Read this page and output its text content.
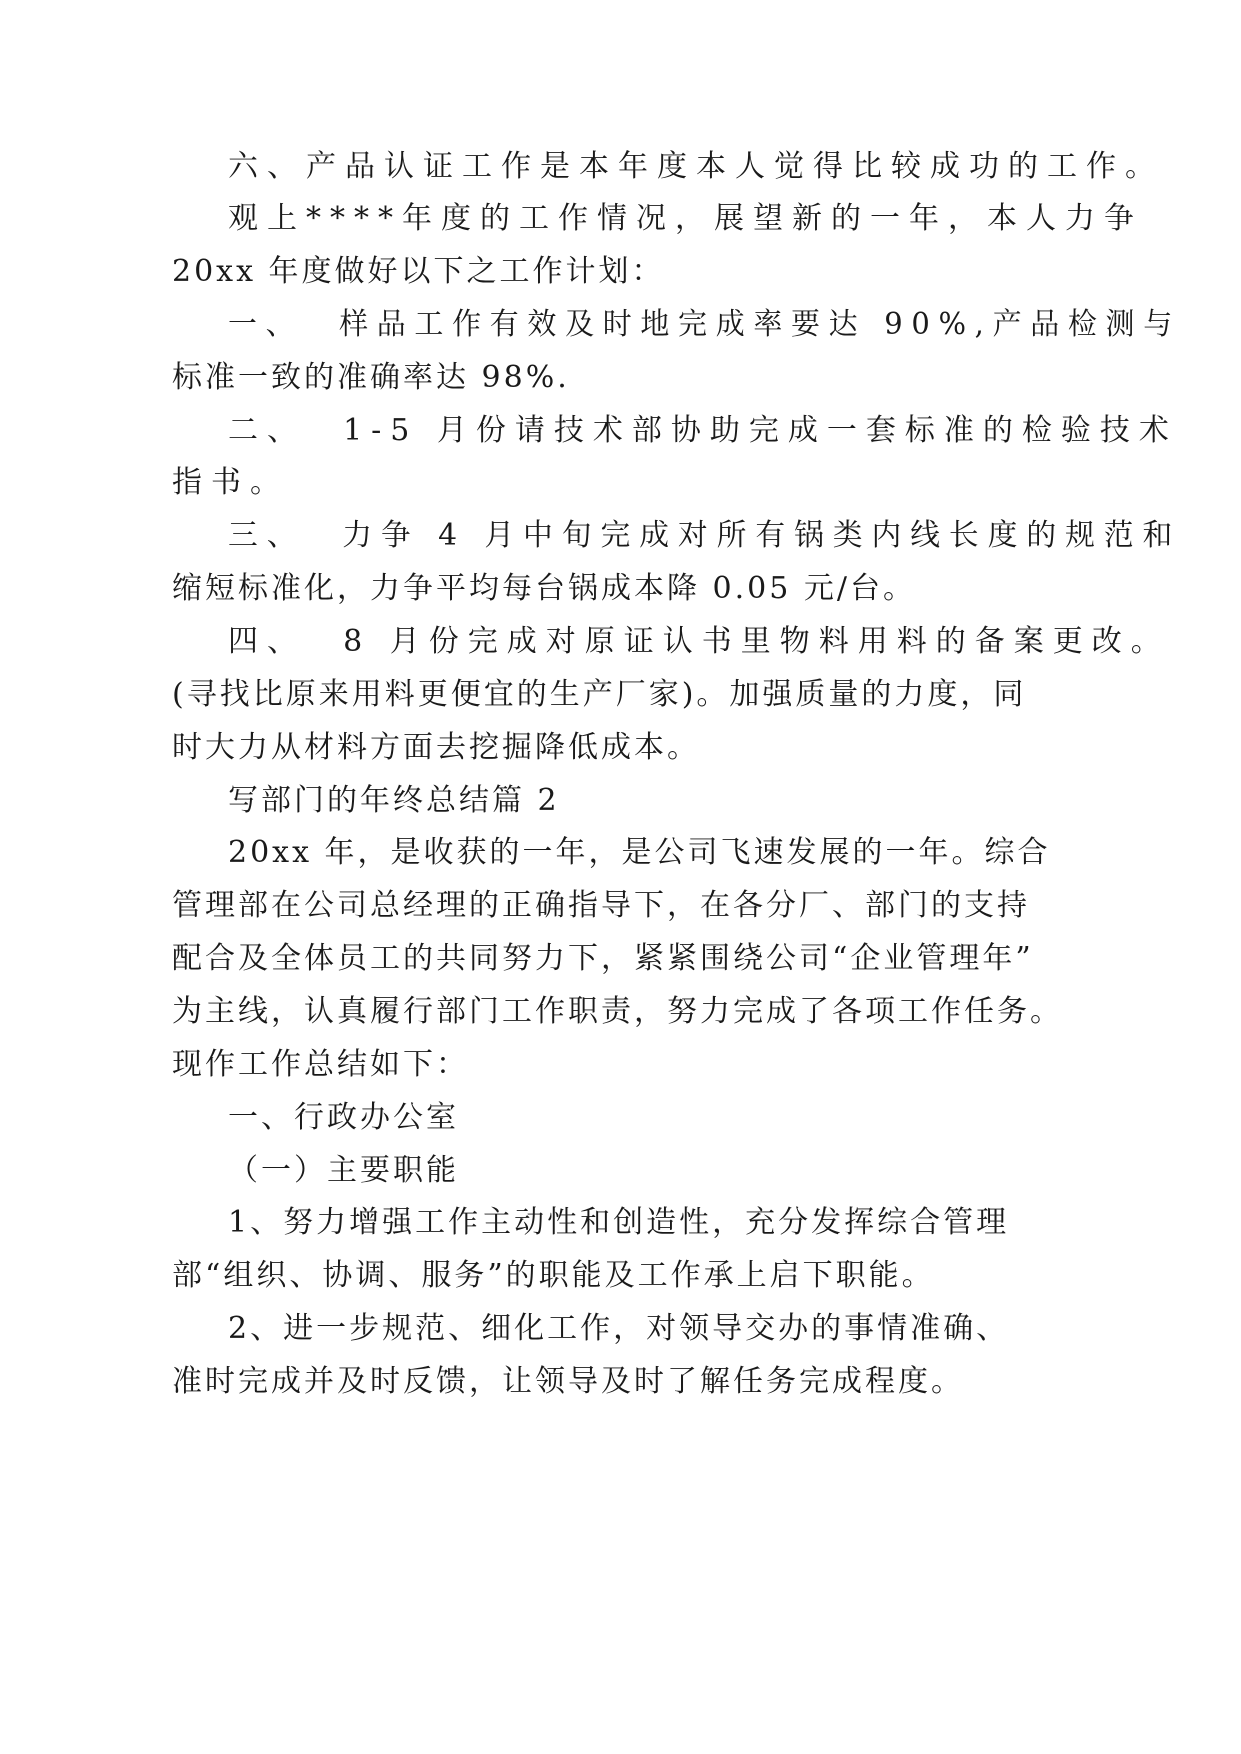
六、产品认证工作是本年度本人觉得比较成功的工作。

观上****年度的工作情况，展望新的一年，本人力争

20xx 年度做好以下之工作计划：

一、  样品工作有效及时地完成率要达 90%,产品检测与

标准一致的准确率达 98%.

二、  1-5 月份请技术部协助完成一套标准的检验技术

指书。

三、  力争 4 月中旬完成对所有锅类内线长度的规范和

缩短标准化，力争平均每台锅成本降 0.05 元/台。

四、  8 月份完成对原证认书里物料用料的备案更改。

(寻找比原来用料更便宜的生产厂家)。加强质量的力度，同

时大力从材料方面去挖掘降低成本。

写部门的年终总结篇 2

20xx 年，是收获的一年，是公司飞速发展的一年。综合

管理部在公司总经理的正确指导下，在各分厂、部门的支持

配合及全体员工的共同努力下，紧紧围绕公司“企业管理年”

为主线，认真履行部门工作职责，努力完成了各项工作任务。

现作工作总结如下：

一、行政办公室

（一）主要职能

1、努力增强工作主动性和创造性，充分发挥综合管理

部“组织、协调、服务”的职能及工作承上启下职能。

2、进一步规范、细化工作，对领导交办的事情准确、

准时完成并及时反馈，让领导及时了解任务完成程度。
